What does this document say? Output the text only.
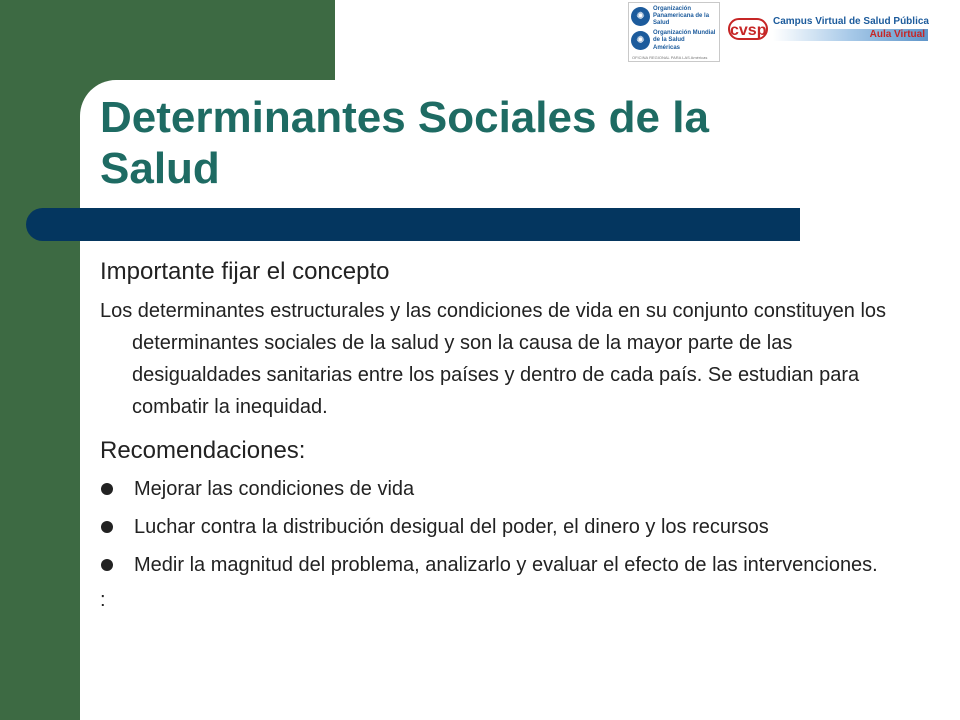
✺
Organización Panamericana de la Salud
✺
Organización Mundial de la Salud
Américas
OFICINA REGIONAL PARA LAS Américas
cvsp
Campus Virtual de Salud Pública
Aula Virtual
Determinantes Sociales de la Salud
Importante fijar el concepto

Los determinantes estructurales y las condiciones de vida en su conjunto constituyen los determinantes sociales de la salud y son la causa de la mayor parte de las desigualdades sanitarias entre los países y dentro de cada país. Se estudian para combatir la inequidad.

Recomendaciones:
Mejorar las condiciones de vida
Luchar contra la distribución desigual del poder, el dinero y los recursos
Medir la magnitud del problema, analizarlo y evaluar el efecto de las intervenciones.
:
